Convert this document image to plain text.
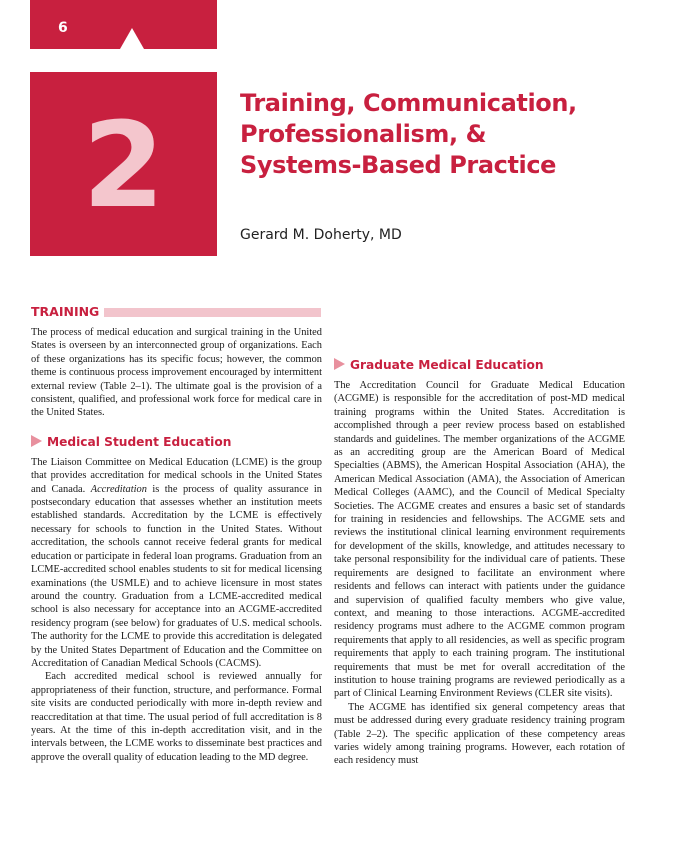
6
2	Training, Communication,
Professionalism, &
Systems-Based Practice
Gerard M. Doherty, MD
TRAINING

The process of medical education and surgical training in the United States is overseen by an interconnected group of organizations. Each of these organizations has its specific focus; however, the common theme is continuous process improvement encouraged by intermittent external review (Table 2–1). The ultimate goal is the provision of a consistent, qualified, and professional work force for medical care in the United States.

Medical Student Education

The Liaison Committee on Medical Education (LCME) is the group that provides accreditation for medical schools in the United States and Canada. Accreditation is the process of quality assurance in postsecondary education that assesses whether an institution meets established standards. Accreditation by the LCME is effectively necessary for schools to function in the United States. Without accreditation, the schools cannot receive federal grants for medical education or participate in federal loan programs. Graduation from an LCME-accredited school enables students to sit for medical licensing examinations (the USMLE) and to achieve licensure in most states around the country. Graduation from a LCME-accredited medical school is also necessary for acceptance into an ACGME-accredited residency program (see below) for graduates of U.S. medical schools. The authority for the LCME to provide this accreditation is delegated by the United States Department of Education and the Committee on Accreditation of Canadian Medical Schools (CACMS).

Each accredited medical school is reviewed annually for appropriateness of their function, structure, and performance. Formal site visits are conducted periodically with more in-depth review and reaccreditation at that time. The usual period of full accreditation is 8 years. At the time of this in-depth accreditation visit, and in the intervals between, the LCME works to disseminate best practices and approve the overall quality of education leading to the MD degree.

Graduate Medical Education

The Accreditation Council for Graduate Medical Education (ACGME) is responsible for the accreditation of post-MD medical training programs within the United States. Accreditation is accomplished through a peer review process based on established standards and guidelines. The member organizations of the ACGME as an accrediting group are the American Board of Medical Specialties (ABMS), the American Hospital Association (AHA), the American Medical Association (AMA), the Association of American Medical Colleges (AAMC), and the Council of Medical Specialty Societies. The ACGME creates and ensures a basic set of standards for training in residencies and fellowships. The ACGME sets and reviews the institutional clinical learning environment requirements for development of the skills, knowledge, and attitudes necessary to take personal responsibility for the individual care of patients. These requirements are designed to facilitate an environment where residents and fellows can interact with patients under the guidance and supervision of qualified faculty members who give value, context, and meaning to those interactions. ACGME-accredited residency programs must adhere to the ACGME common program requirements that apply to all residencies, as well as specific program requirements that apply to each training program. The institutional requirements that must be met for overall accreditation of the institution to house training programs are reviewed periodically as a part of Clinical Learning Environment Reviews (CLER site visits).

The ACGME has identified six general competency areas that must be addressed during every graduate residency training program (Table 2–2). The specific application of these competency areas varies widely among training programs. However, each rotation of each residency must
